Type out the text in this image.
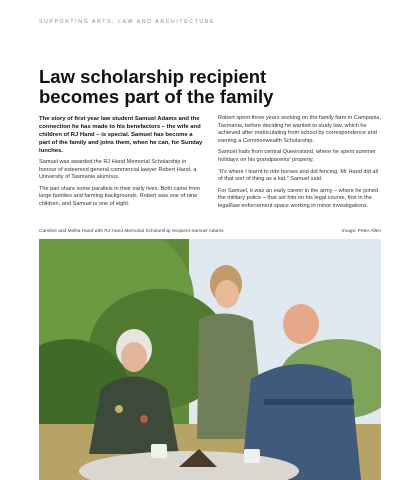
SUPPORTING ARTS, LAW AND ARCHITECTURE
Law scholarship recipient becomes part of the family

The story of first year law student Samuel Adams and the connection he has made to his benefactors – the wife and children of RJ Hand – is special. Samuel has become a part of the family and joins them, when he can, for Sunday lunches.

Samuel was awarded the RJ Hand Memorial Scholarship in honour of esteemed general commercial lawyer Robert Hand, a University of Tasmania alumnus.

The pair share some parallels in their early lives. Both came from large families and farming backgrounds. Robert was one of nine children, and Samuel is one of eight.

Robert spent three years working on the family farm in Campania, Tasmania, before deciding he wanted to study law, which he achieved after matriculating from school by correspondence and earning a Commonwealth Scholarship.

Samuel hails from central Queensland, where he spent summer holidays on his grandparents' property.

“It’s where I learnt to ride horses and did fencing. Mr Hand did all of that sort of thing as a kid,” Samuel said.

For Samuel, it was an early career in the army – where he joined the military police – that set him on his legal course, first in the legal/law enforcement space working in minor investigations.

Caroline and Melita Hand with RJ Hand Memorial Scholarship recipient Samuel Adams	Image: Peter Allen
